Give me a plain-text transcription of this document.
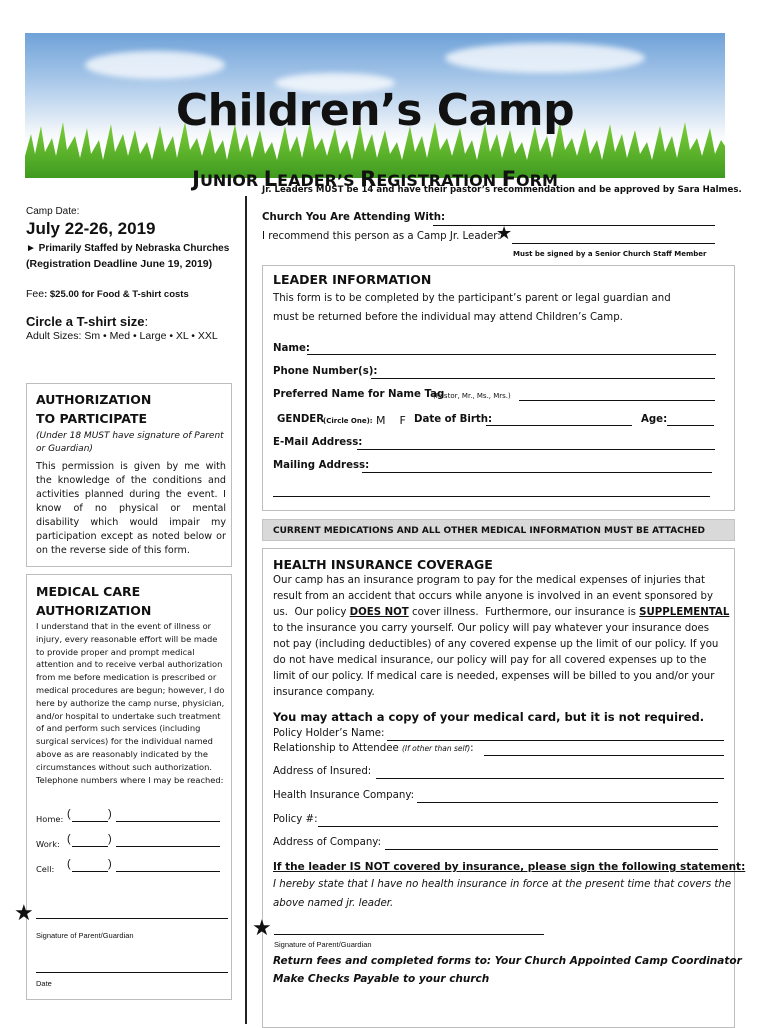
Children’s Camp
JUNIOR LEADER’S REGISTRATION FORM
Camp Date:
July 22-26, 2019
► Primarily Staffed by Nebraska Churches
(Registration Deadline June 19, 2019)
Fee: $25.00 for Food & T-shirt costs
Circle a T-shirt size:
Adult Sizes: Sm • Med • Large • XL • XXL
AUTHORIZATION
TO PARTICIPATE
(Under 18 MUST have signature of Parent or Guardian)
This permission is given by me with the knowledge of the conditions and activities planned during the event. I know of no physical or mental disability which would impair my participation except as noted below or on the reverse side of this form.
MEDICAL CARE
AUTHORIZATION
I understand that in the event of illness or injury, every reasonable effort will be made to provide proper and prompt medical attention and to receive verbal authorization from me before medication is prescribed or medical procedures are begun; however, I do here by authorize the camp nurse, physician, and/or hospital to undertake such treatment of and perform such services (including surgical services) for the individual named above as are reasonably indicated by the circumstances without such authorization. Telephone numbers where I may be reached:
Home: (	)
Work: (	)
Cell: (	)
★
Signature of Parent/Guardian
Date
Jr. Leaders MUST be 14 and have their pastor’s recommendation and be approved by Sara Halmes.
Church You Are Attending With:
I recommend this person as a Camp Jr. Leader:
★
Must be signed by a Senior Church Staff Member
LEADER INFORMATION
This form is to be completed by the participant’s parent or legal guardian and
must be returned before the individual may attend Children’s Camp.
Name:
Phone Number(s):
Preferred Name for Name Tag
(Pastor, Mr., Ms., Mrs.)
GENDER
(Circle One): M    F Date of Birth:	Age:
E-Mail Address:
Mailing Address:
CURRENT MEDICATIONS AND ALL OTHER MEDICAL INFORMATION MUST BE ATTACHED
HEALTH INSURANCE COVERAGE
Our camp has an insurance program to pay for the medical expenses of injuries that
result from an accident that occurs while anyone is involved in an event sponsored by
us.  Our policy DOES NOT cover illness.  Furthermore, our insurance is SUPPLEMENTAL
to the insurance you carry yourself. Our policy will pay whatever your insurance does
not pay (including deductibles) of any covered expense up the limit of our policy. If you
do not have medical insurance, our policy will pay for all covered expenses up to the
limit of our policy. If medical care is needed, expenses will be billed to you and/or your
insurance company.
You may attach a copy of your medical card, but it is not required.
Policy Holder’s Name:
Relationship to Attendee (If other than self):
Address of Insured:
Health Insurance Company:
Policy #:
Address of Company:
If the leader IS NOT covered by insurance, please sign the following statement:
I hereby state that I have no health insurance in force at the present time that covers the
above named jr. leader.
★
Signature of Parent/Guardian
Return fees and completed forms to: Your Church Appointed Camp Coordinator
Make Checks Payable to your church
